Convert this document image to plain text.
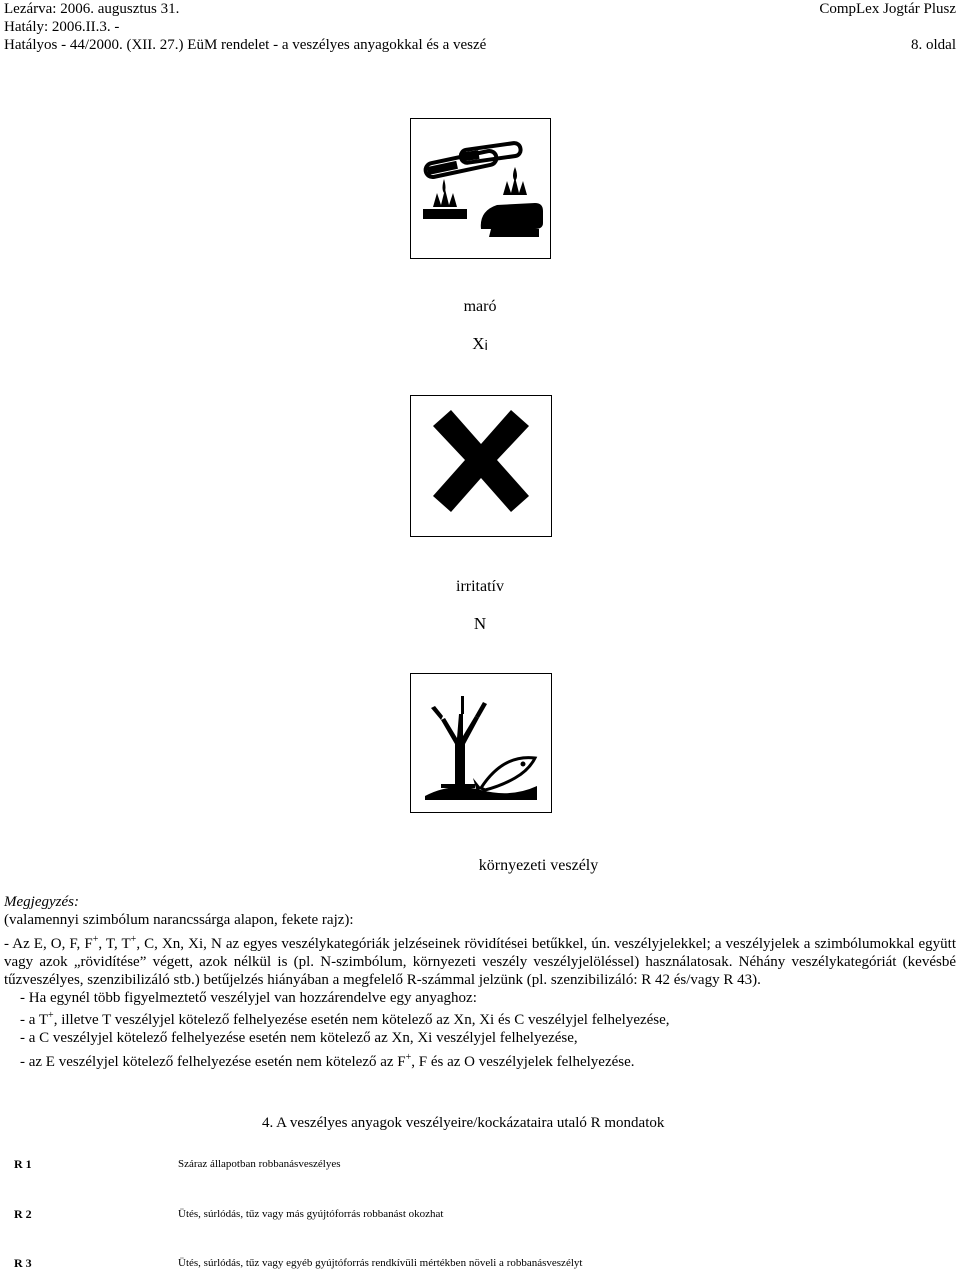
Lezárva: 2006. augusztus 31.
Hatály: 2006.II.3. -
Hatályos - 44/2000. (XII. 27.) EüM rendelet - a veszélyes anyagokkal és a veszé
CompLex Jogtár Plusz
8. oldal
maró
$X_i$
irritatív
N
környezeti veszély
Megjegyzés:
(valamennyi szimbólum narancssárga alapon, fekete rajz):
- Az E, O, F, F+, T, T+, C, Xn, Xi, N az egyes veszélykategóriák jelzéseinek rövidítései betűkkel, ún. veszélyjelekkel; a veszélyjelek a szimbólumokkal együtt vagy azok „rövidítése” végett, azok nélkül is (pl. N-szimbólum, környezeti veszély veszélyjelöléssel) használatosak. Néhány veszélykategóriát (kevésbé tűzveszélyes, szenzibilizáló stb.) betűjelzés hiányában a megfelelő R-számmal jelzünk (pl. szenzibilizáló: R 42 és/vagy R 43).
- Ha egynél több figyelmeztető veszélyjel van hozzárendelve egy anyaghoz:
- a T+, illetve T veszélyjel kötelező felhelyezése esetén nem kötelező az Xn, Xi és C veszélyjel felhelyezése,
- a C veszélyjel kötelező felhelyezése esetén nem kötelező az Xn, Xi veszélyjel felhelyezése,
- az E veszélyjel kötelező felhelyezése esetén nem kötelező az F+, F és az O veszélyjelek felhelyezése.
4. A veszélyes anyagok veszélyeire/kockázataira utaló R mondatok
R 1	Száraz állapotban robbanásveszélyes
R 2	Ütés, súrlódás, tűz vagy más gyújtóforrás robbanást okozhat
R 3	Ütés, súrlódás, tűz vagy egyéb gyújtóforrás rendkívüli mértékben növeli a robbanásveszélyt
